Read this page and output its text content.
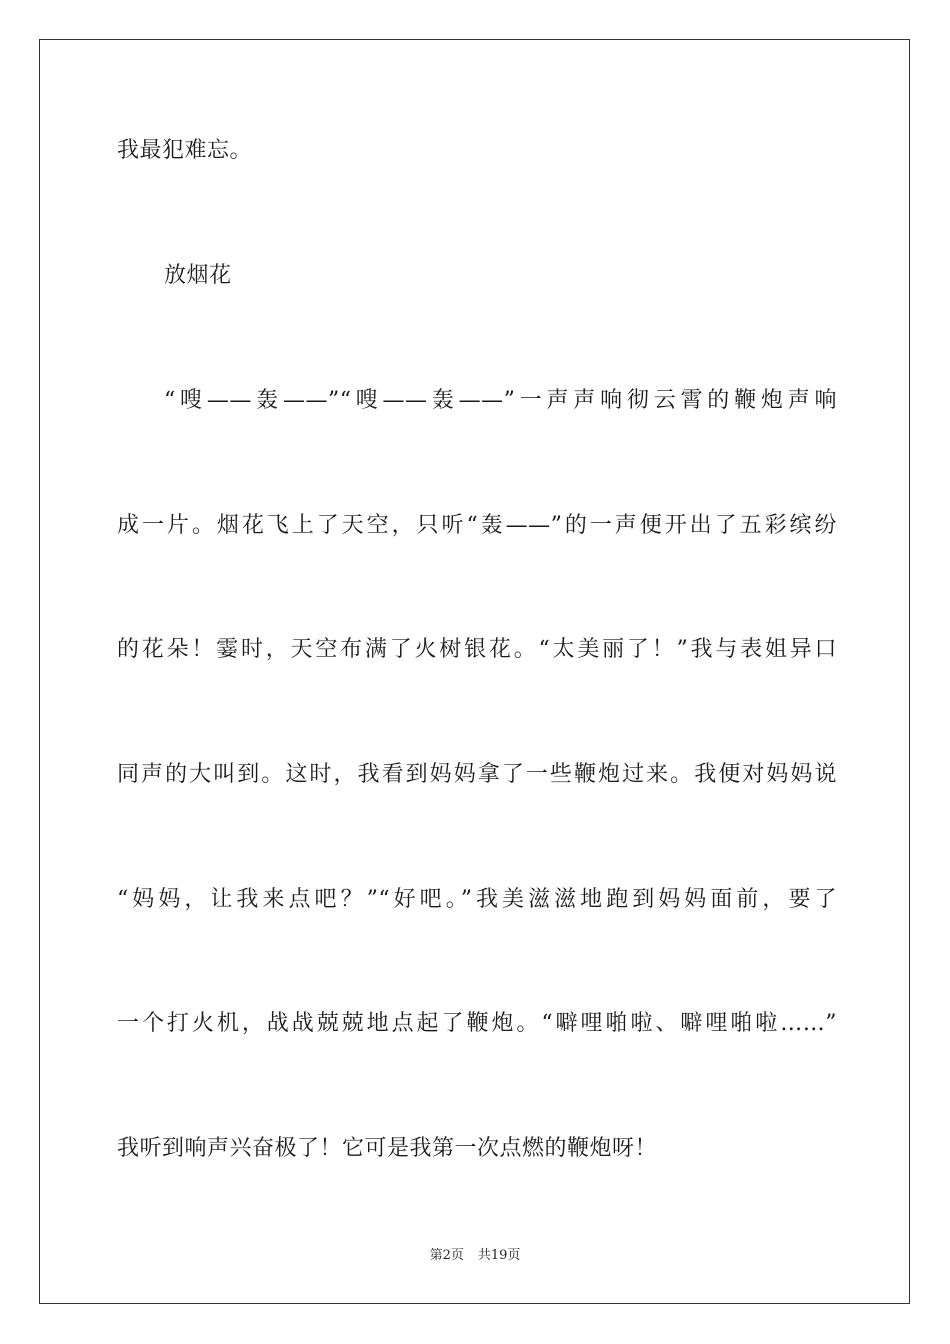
我最犯难忘。
放烟花
“嗖——轰——”“嗖——轰——”一声声响彻云霄的鞭炮声响
成一片。烟花飞上了天空，只听“轰——”的一声便开出了五彩缤纷
的花朵！霎时，天空布满了火树银花。“太美丽了！”我与表姐异口
同声的大叫到。这时，我看到妈妈拿了一些鞭炮过来。我便对妈妈说
“妈妈，让我来点吧？”“好吧。”我美滋滋地跑到妈妈面前，要了
一个打火机，战战兢兢地点起了鞭炮。“噼哩啪啦、噼哩啪啦……”
我听到响声兴奋极了！它可是我第一次点燃的鞭炮呀！
第2页 共19页
